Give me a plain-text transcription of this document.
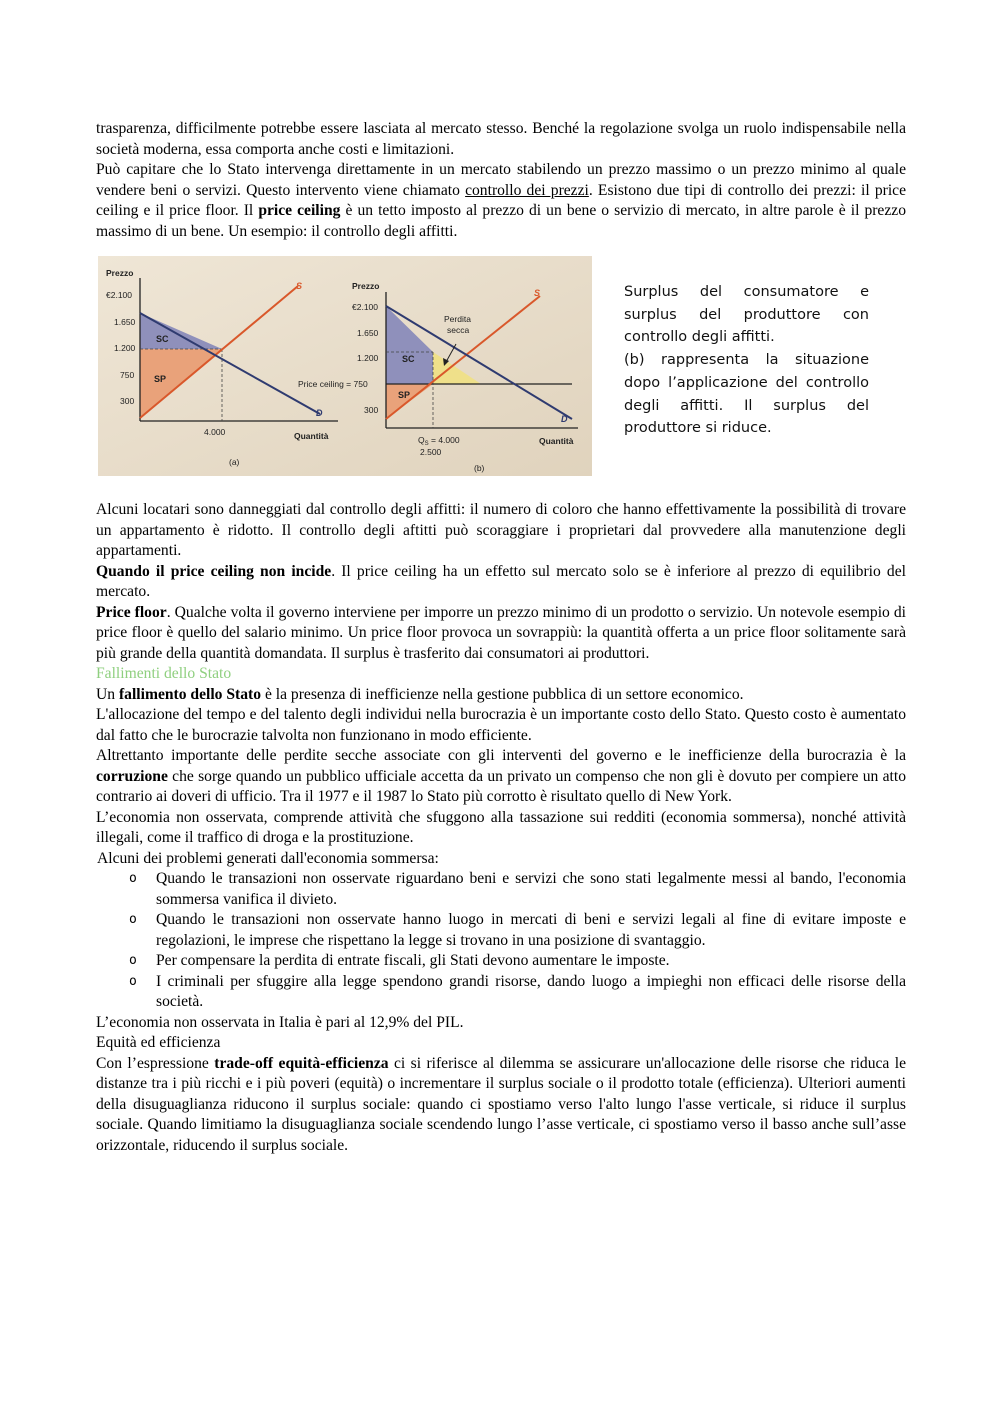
trasparenza, difficilmente potrebbe essere lasciata al mercato stesso. Benché la regolazione svolga un ruolo indispensabile nella società moderna, essa comporta anche costi e limitazioni.

Può capitare che lo Stato intervenga direttamente in un mercato stabilendo un prezzo massimo o un prezzo minimo al quale vendere beni o servizi. Questo intervento viene chiamato controllo dei prezzi. Esistono due tipi di controllo dei prezzi: il price ceiling e il price floor. Il price ceiling è un tetto imposto al prezzo di un bene o servizio di mercato, in altre parole è il prezzo massimo di un bene. Un esempio: il controllo degli affitti.

Prezzo
€2.100
1.650
1.200
750
300
SC
SP
S
D
4.000	Quantità
(a)
Prezzo
€2.100
1.650
1.200
Price ceiling = 750
300
Perdita
secca
SC
SP
S
D
$Q_S = 4.000$
2.500
Quantità
(b)

Surplus del consumatore e surplus del produttore con controllo degli affitti.

(b) rappresenta la situazione dopo l’applicazione del controllo degli affitti. Il surplus del produttore si riduce.

Alcuni locatari sono danneggiati dal controllo degli affitti: il numero di coloro che hanno effettivamente la possibilità di trovare un appartamento è ridotto. Il controllo degli aftitti può scoraggiare i proprietari dal provvedere alla manutenzione degli appartamenti.

Quando il price ceiling non incide. Il price ceiling ha un effetto sul mercato solo se è inferiore al prezzo di equilibrio del mercato.

Price floor. Qualche volta il governo interviene per imporre un prezzo minimo di un prodotto o servizio. Un notevole esempio di price floor è quello del salario minimo. Un price floor provoca un sovrappiù: la quantità offerta a un price floor solitamente sarà più grande della quantità domandata. Il surplus è trasferito dai consumatori ai produttori.

Fallimenti dello Stato

Un fallimento dello Stato è la presenza di inefficienze nella gestione pubblica di un settore economico.

L'allocazione del tempo e del talento degli individui nella burocrazia è un importante costo dello Stato. Questo costo è aumentato dal fatto che le burocrazie talvolta non funzionano in modo efficiente.

Altrettanto importante delle perdite secche associate con gli interventi del governo e le inefficienze della burocrazia è la corruzione che sorge quando un pubblico ufficiale accetta da un privato un compenso che non gli è dovuto per compiere un atto contrario ai doveri di ufficio. Tra il 1977 e il 1987 lo Stato più corrotto è risultato quello di New York.

L’economia non osservata, comprende attività che sfuggono alla tassazione sui redditi (economia sommersa), nonché attività illegali, come il traffico di droga e la prostituzione.

Alcuni dei problemi generati dall'economia sommersa:

o Quando le transazioni non osservate riguardano beni e servizi che sono stati legalmente messi al bando, l'economia sommersa vanifica il divieto.
o Quando le transazioni non osservate hanno luogo in mercati di beni e servizi legali al fine di evitare imposte e regolazioni, le imprese che rispettano la legge si trovano in una posizione di svantaggio.
o Per compensare la perdita di entrate fiscali, gli Stati devono aumentare le imposte.
o I criminali per sfuggire alla legge spendono grandi risorse, dando luogo a impieghi non efficaci delle risorse della società.

L’economia non osservata in Italia è pari al 12,9% del PIL.

Equità ed efficienza

Con l’espressione trade-off equità-efficienza ci si riferisce al dilemma se assicurare un'allocazione delle risorse che riduca le distanze tra i più ricchi e i più poveri (equità) o incrementare il surplus sociale o il prodotto totale (efficienza). Ulteriori aumenti della disuguaglianza riducono il surplus sociale: quando ci spostiamo verso l'alto lungo l'asse verticale, si riduce il surplus sociale. Quando limitiamo la disuguaglianza sociale scendendo lungo l’asse verticale, ci spostiamo verso il basso anche sull’asse orizzontale, riducendo il surplus sociale.
